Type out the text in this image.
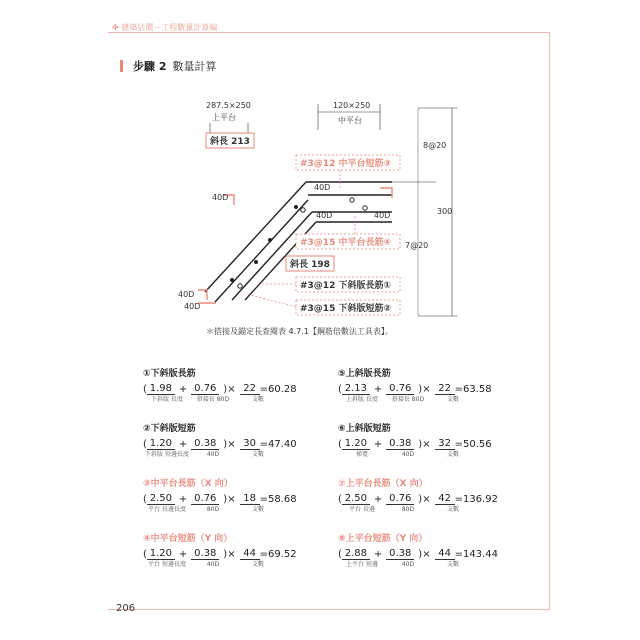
✤ 建築估價－工程數量計算編
步驟 2 數量計算
287.5×250
上平台
120×250
中平台
斜長 213
40D
40D
40D	40D
40D
40D
#3@12 中平台短筋③
#3@15 中平台長筋④
斜長 198
#3@12 下斜版長筋①
#3@15 下斜版短筋②
8@20
300
7@20
＊搭接及錨定長查閱表 4.7.1【鋼筋倍數法工具表】。
①下斜版長筋
( 1.98 + 0.76 )× 22 =60.28
下斜版 長度	搭接長 80D	支數
⑤上斜版長筋
( 2.13 + 0.76 )× 22 =63.58
上斜版 長度	搭接長 80D	支數
②下斜版短筋
( 1.20 + 0.38 )× 30 =47.40
下斜版 短邊長度	40D	支數
⑥上斜版短筋
( 1.20 + 0.38 )× 32 =50.56
梯寬	40D	支數
③中平台長筋（X 向）
( 2.50 + 0.76 )× 18 =58.68
平台 長邊長度	80D	支數
⑦上平台長筋（X 向）
( 2.50 + 0.76 )× 42 =136.92
平台 長邊	80D	支數
④中平台短筋（Y 向）
( 1.20 + 0.38 )× 44 =69.52
平台 短邊長度	40D	支數
⑧上平台短筋（Y 向）
( 2.88 + 0.38 )× 44 =143.44
上平台 短邊	40D	支數
206
